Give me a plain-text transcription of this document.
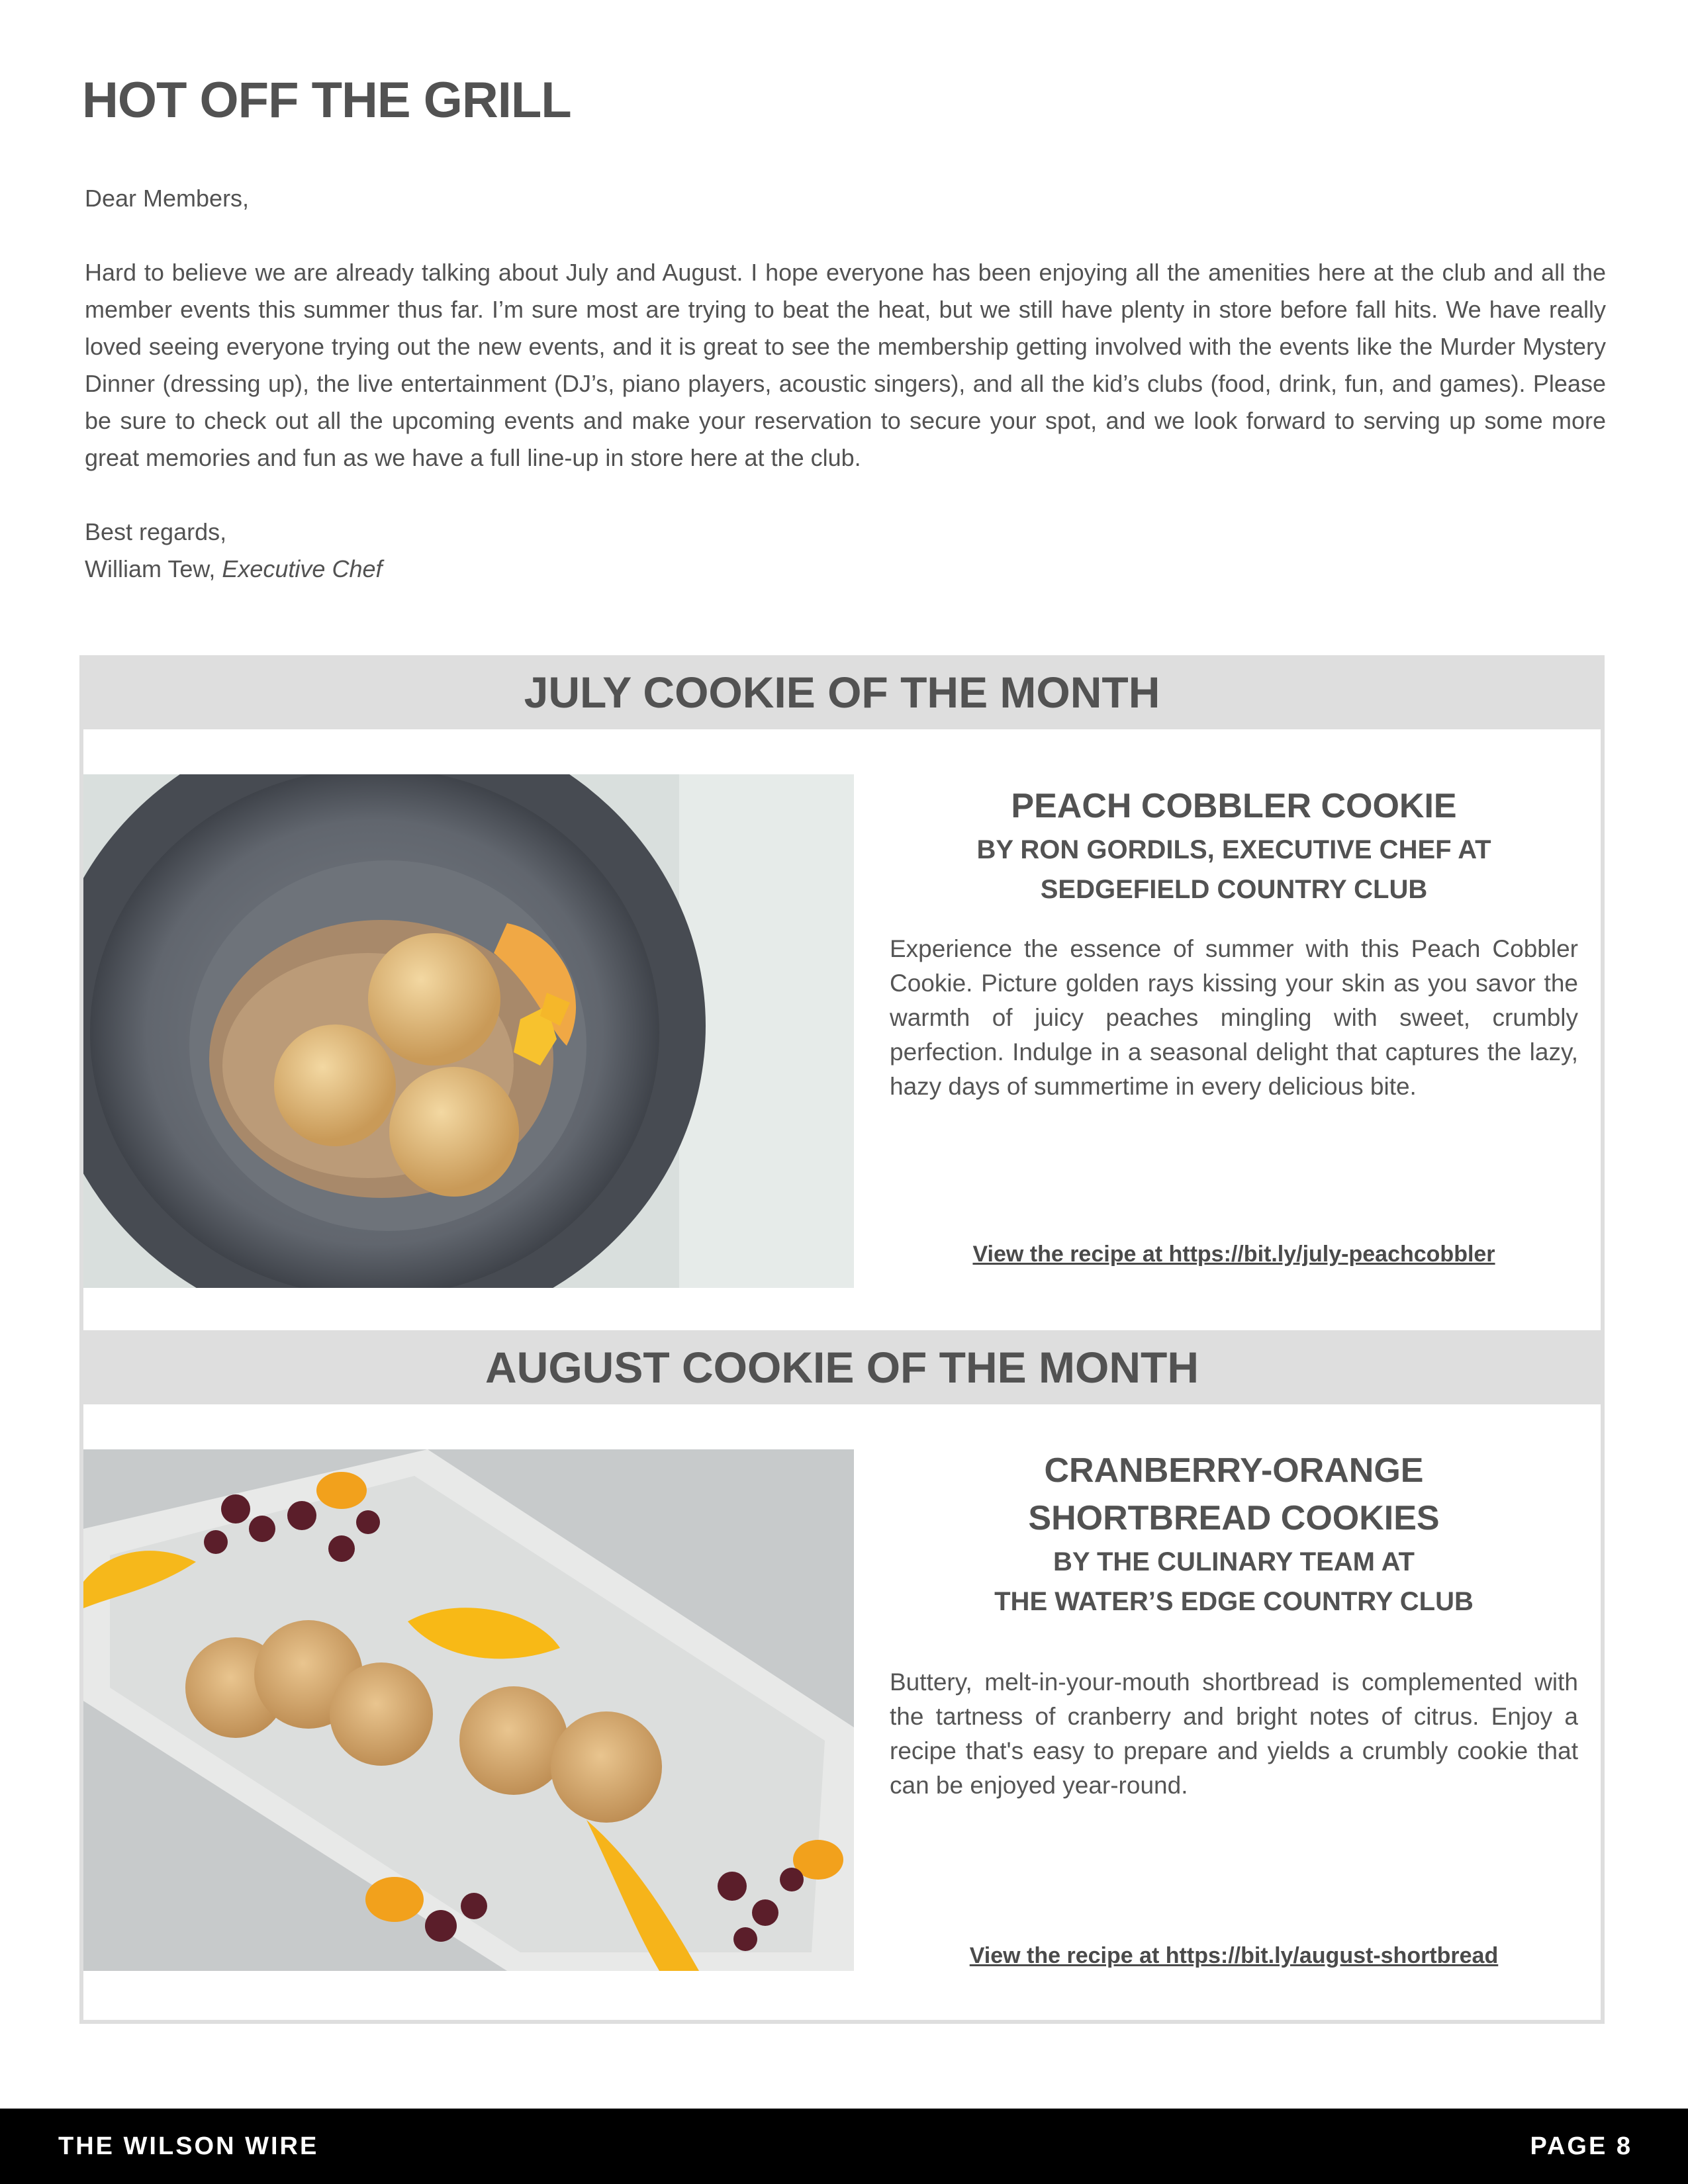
HOT OFF THE GRILL

Dear Members,

Hard to believe we are already talking about July and August. I hope everyone has been enjoying all the amenities here at the club and all the member events this summer thus far. I’m sure most are trying to beat the heat, but we still have plenty in store before fall hits. We have really loved seeing everyone trying out the new events, and it is great to see the membership getting involved with the events like the Murder Mystery Dinner (dressing up), the live entertainment (DJ’s, piano players, acoustic singers), and all the kid’s clubs (food, drink, fun, and games). Please be sure to check out all the upcoming events and make your reservation to secure your spot, and we look forward to serving up some more great memories and fun as we have a full line-up in store here at the club.

Best regards,

William Tew, Executive Chef

JULY COOKIE OF THE MONTH

PEACH COBBLER COOKIE

BY RON GORDILS, EXECUTIVE CHEF AT

SEDGEFIELD COUNTRY CLUB

Experience the essence of summer with this Peach Cobbler Cookie. Picture golden rays kissing your skin as you savor the warmth of juicy peaches mingling with sweet, crumbly perfection. Indulge in a seasonal delight that captures the lazy, hazy days of summertime in every delicious bite.

View the recipe at https://bit.ly/july-peachcobbler
AUGUST COOKIE OF THE MONTH

CRANBERRY-ORANGE

SHORTBREAD COOKIES

BY THE CULINARY TEAM AT

THE WATER’S EDGE COUNTRY CLUB

Buttery, melt-in-your-mouth shortbread is complemented with the tartness of cranberry and bright notes of citrus. Enjoy a recipe that's easy to prepare and yields a crumbly cookie that can be enjoyed year-round.

View the recipe at https://bit.ly/august-shortbread
THE WILSON WIRE	PAGE 8
